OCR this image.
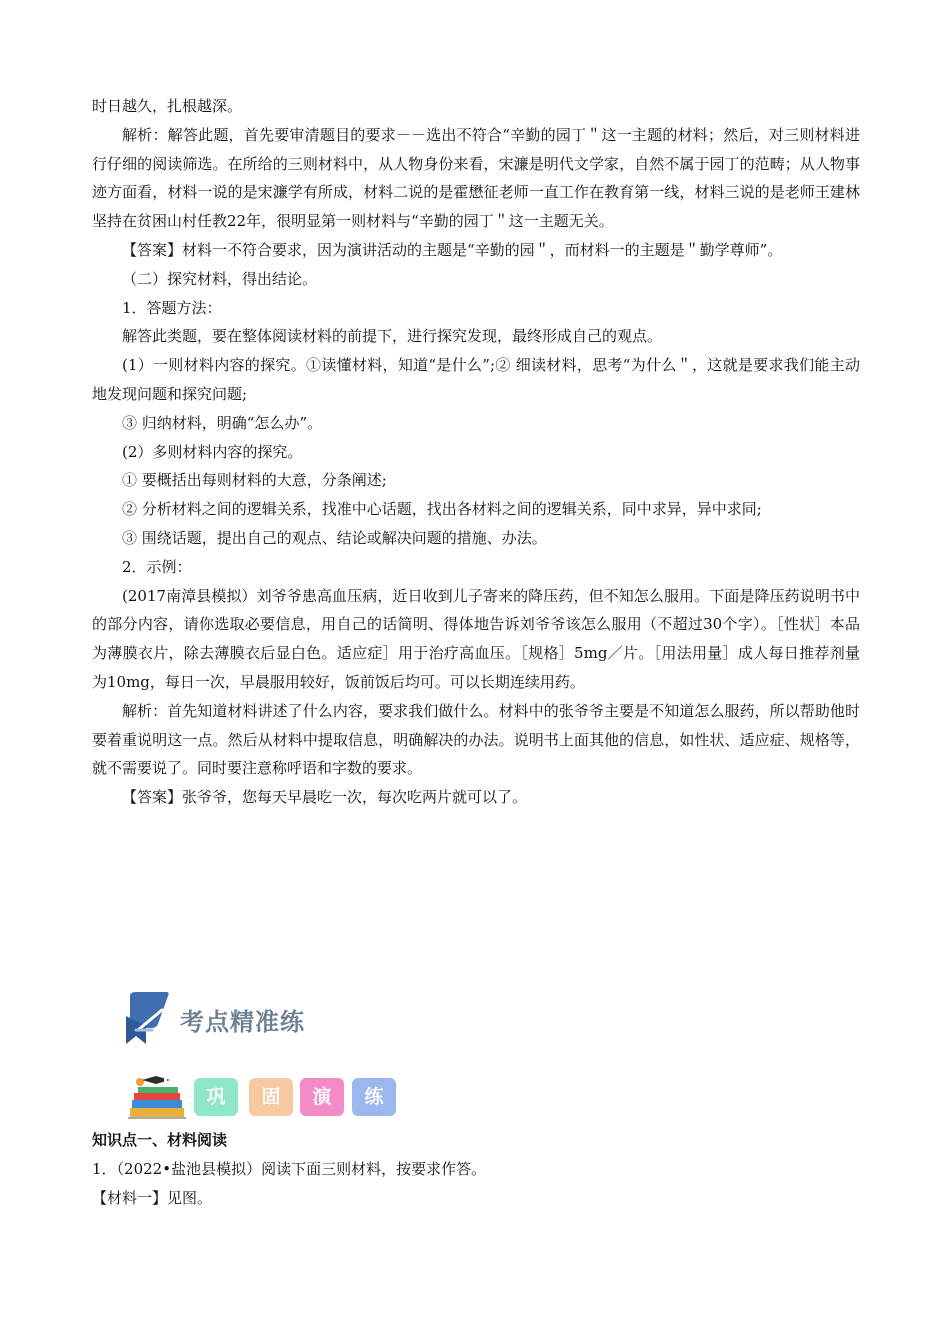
时日越久，扎根越深。

解析：解答此题，首先要审清题目的要求－－选出不符合“辛勤的园丁＂这一主题的材料；然后，对三则材料进行仔细的阅读筛选。在所给的三则材料中，从人物身份来看，宋濂是明代文学家，自然不属于园丁的范畴；从人物事迹方面看，材料一说的是宋濂学有所成，材料二说的是霍懋征老师一直工作在教育第一线，材料三说的是老师王建林坚持在贫困山村任教22年，很明显第一则材料与“辛勤的园丁＂这一主题无关。

【答案】材料一不符合要求，因为演讲活动的主题是“辛勤的园＂，而材料一的主题是＂勤学尊师”。

（二）探究材料，得出结论。

1．答题方法：

解答此类题，要在整体阅读材料的前提下，进行探究发现，最终形成自己的观点。

(1）一则材料内容的探究。①读懂材料，知道“是什么”;② 细读材料，思考“为什么＂，这就是要求我们能主动地发现问题和探究问题;

③ 归纳材料，明确“怎么办”。

(2）多则材料内容的探究。

① 要概括出每则材料的大意，分条阐述;

② 分析材料之间的逻辑关系，找准中心话题，找出各材料之间的逻辑关系，同中求异，异中求同;

③ 围绕话题，提出自己的观点、结论或解决问题的措施、办法。

2．示例：

(2017南漳县模拟）刘爷爷患高血压病，近日收到儿子寄来的降压药，但不知怎么服用。下面是降压药说明书中的部分内容，请你选取必要信息，用自己的话简明、得体地告诉刘爷爷该怎么服用（不超过30个字）。［性状］本品为薄膜衣片，除去薄膜衣后显白色。适应症］用于治疗高血压。［规格］5mg／片。［用法用量］成人每日推荐剂量为10mg，每日一次，早晨服用较好，饭前饭后均可。可以长期连续用药。

解析：首先知道材料讲述了什么内容，要求我们做什么。材料中的张爷爷主要是不知道怎么服药，所以帮助他时要着重说明这一点。然后从材料中提取信息，明确解决的办法。说明书上面其他的信息，如性状、适应症、规格等，就不需要说了。同时要注意称呼语和字数的要求。

【答案】张爷爷，您每天早晨吃一次，每次吃两片就可以了。

考点精准练
巩	固	演	练

知识点一、材料阅读

1．（2022•盐池县模拟）阅读下面三则材料，按要求作答。

【材料一】见图。
